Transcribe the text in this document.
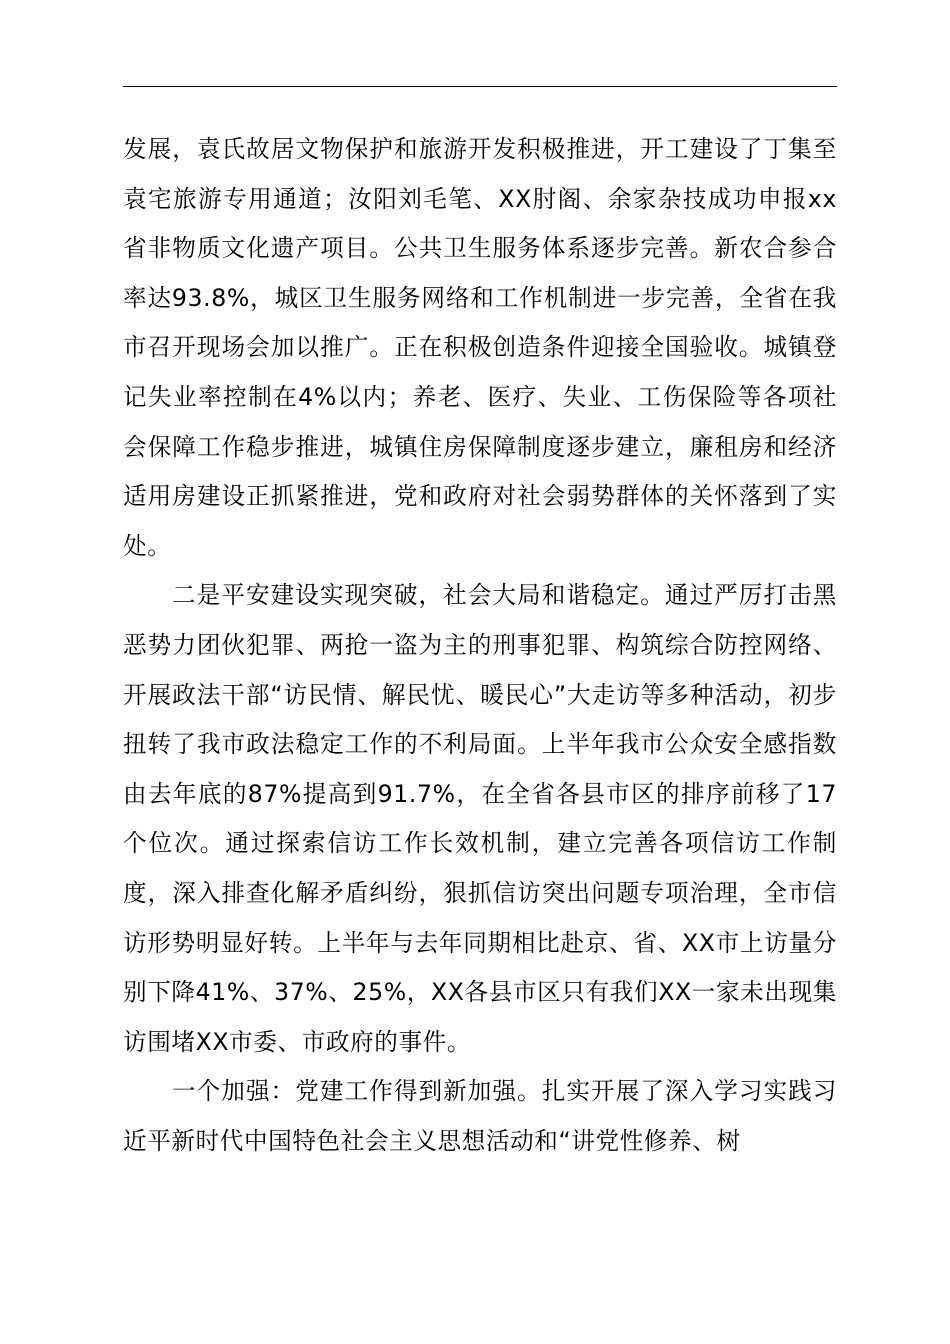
发展，袁氏故居文物保护和旅游开发积极推进，开工建设了丁集至袁宅旅游专用通道；汝阳刘毛笔、XX肘阁、余家杂技成功申报xx省非物质文化遗产项目。公共卫生服务体系逐步完善。新农合参合率达93.8%，城区卫生服务网络和工作机制进一步完善，全省在我市召开现场会加以推广。正在积极创造条件迎接全国验收。城镇登记失业率控制在4%以内；养老、医疗、失业、工伤保险等各项社会保障工作稳步推进，城镇住房保障制度逐步建立，廉租房和经济适用房建设正抓紧推进，党和政府对社会弱势群体的关怀落到了实处。

二是平安建设实现突破，社会大局和谐稳定。通过严厉打击黑恶势力团伙犯罪、两抢一盗为主的刑事犯罪、构筑综合防控网络、开展政法干部“访民情、解民忧、暖民心”大走访等多种活动，初步扭转了我市政法稳定工作的不利局面。上半年我市公众安全感指数由去年底的87%提高到91.7%，在全省各县市区的排序前移了17个位次。通过探索信访工作长效机制，建立完善各项信访工作制度，深入排查化解矛盾纠纷，狠抓信访突出问题专项治理，全市信访形势明显好转。上半年与去年同期相比赴京、省、XX市上访量分别下降41%、37%、25%，XX各县市区只有我们XX一家未出现集访围堵XX市委、市政府的事件。

一个加强：党建工作得到新加强。扎实开展了深入学习实践习近平新时代中国特色社会主义思想活动和“讲党性修养、树
